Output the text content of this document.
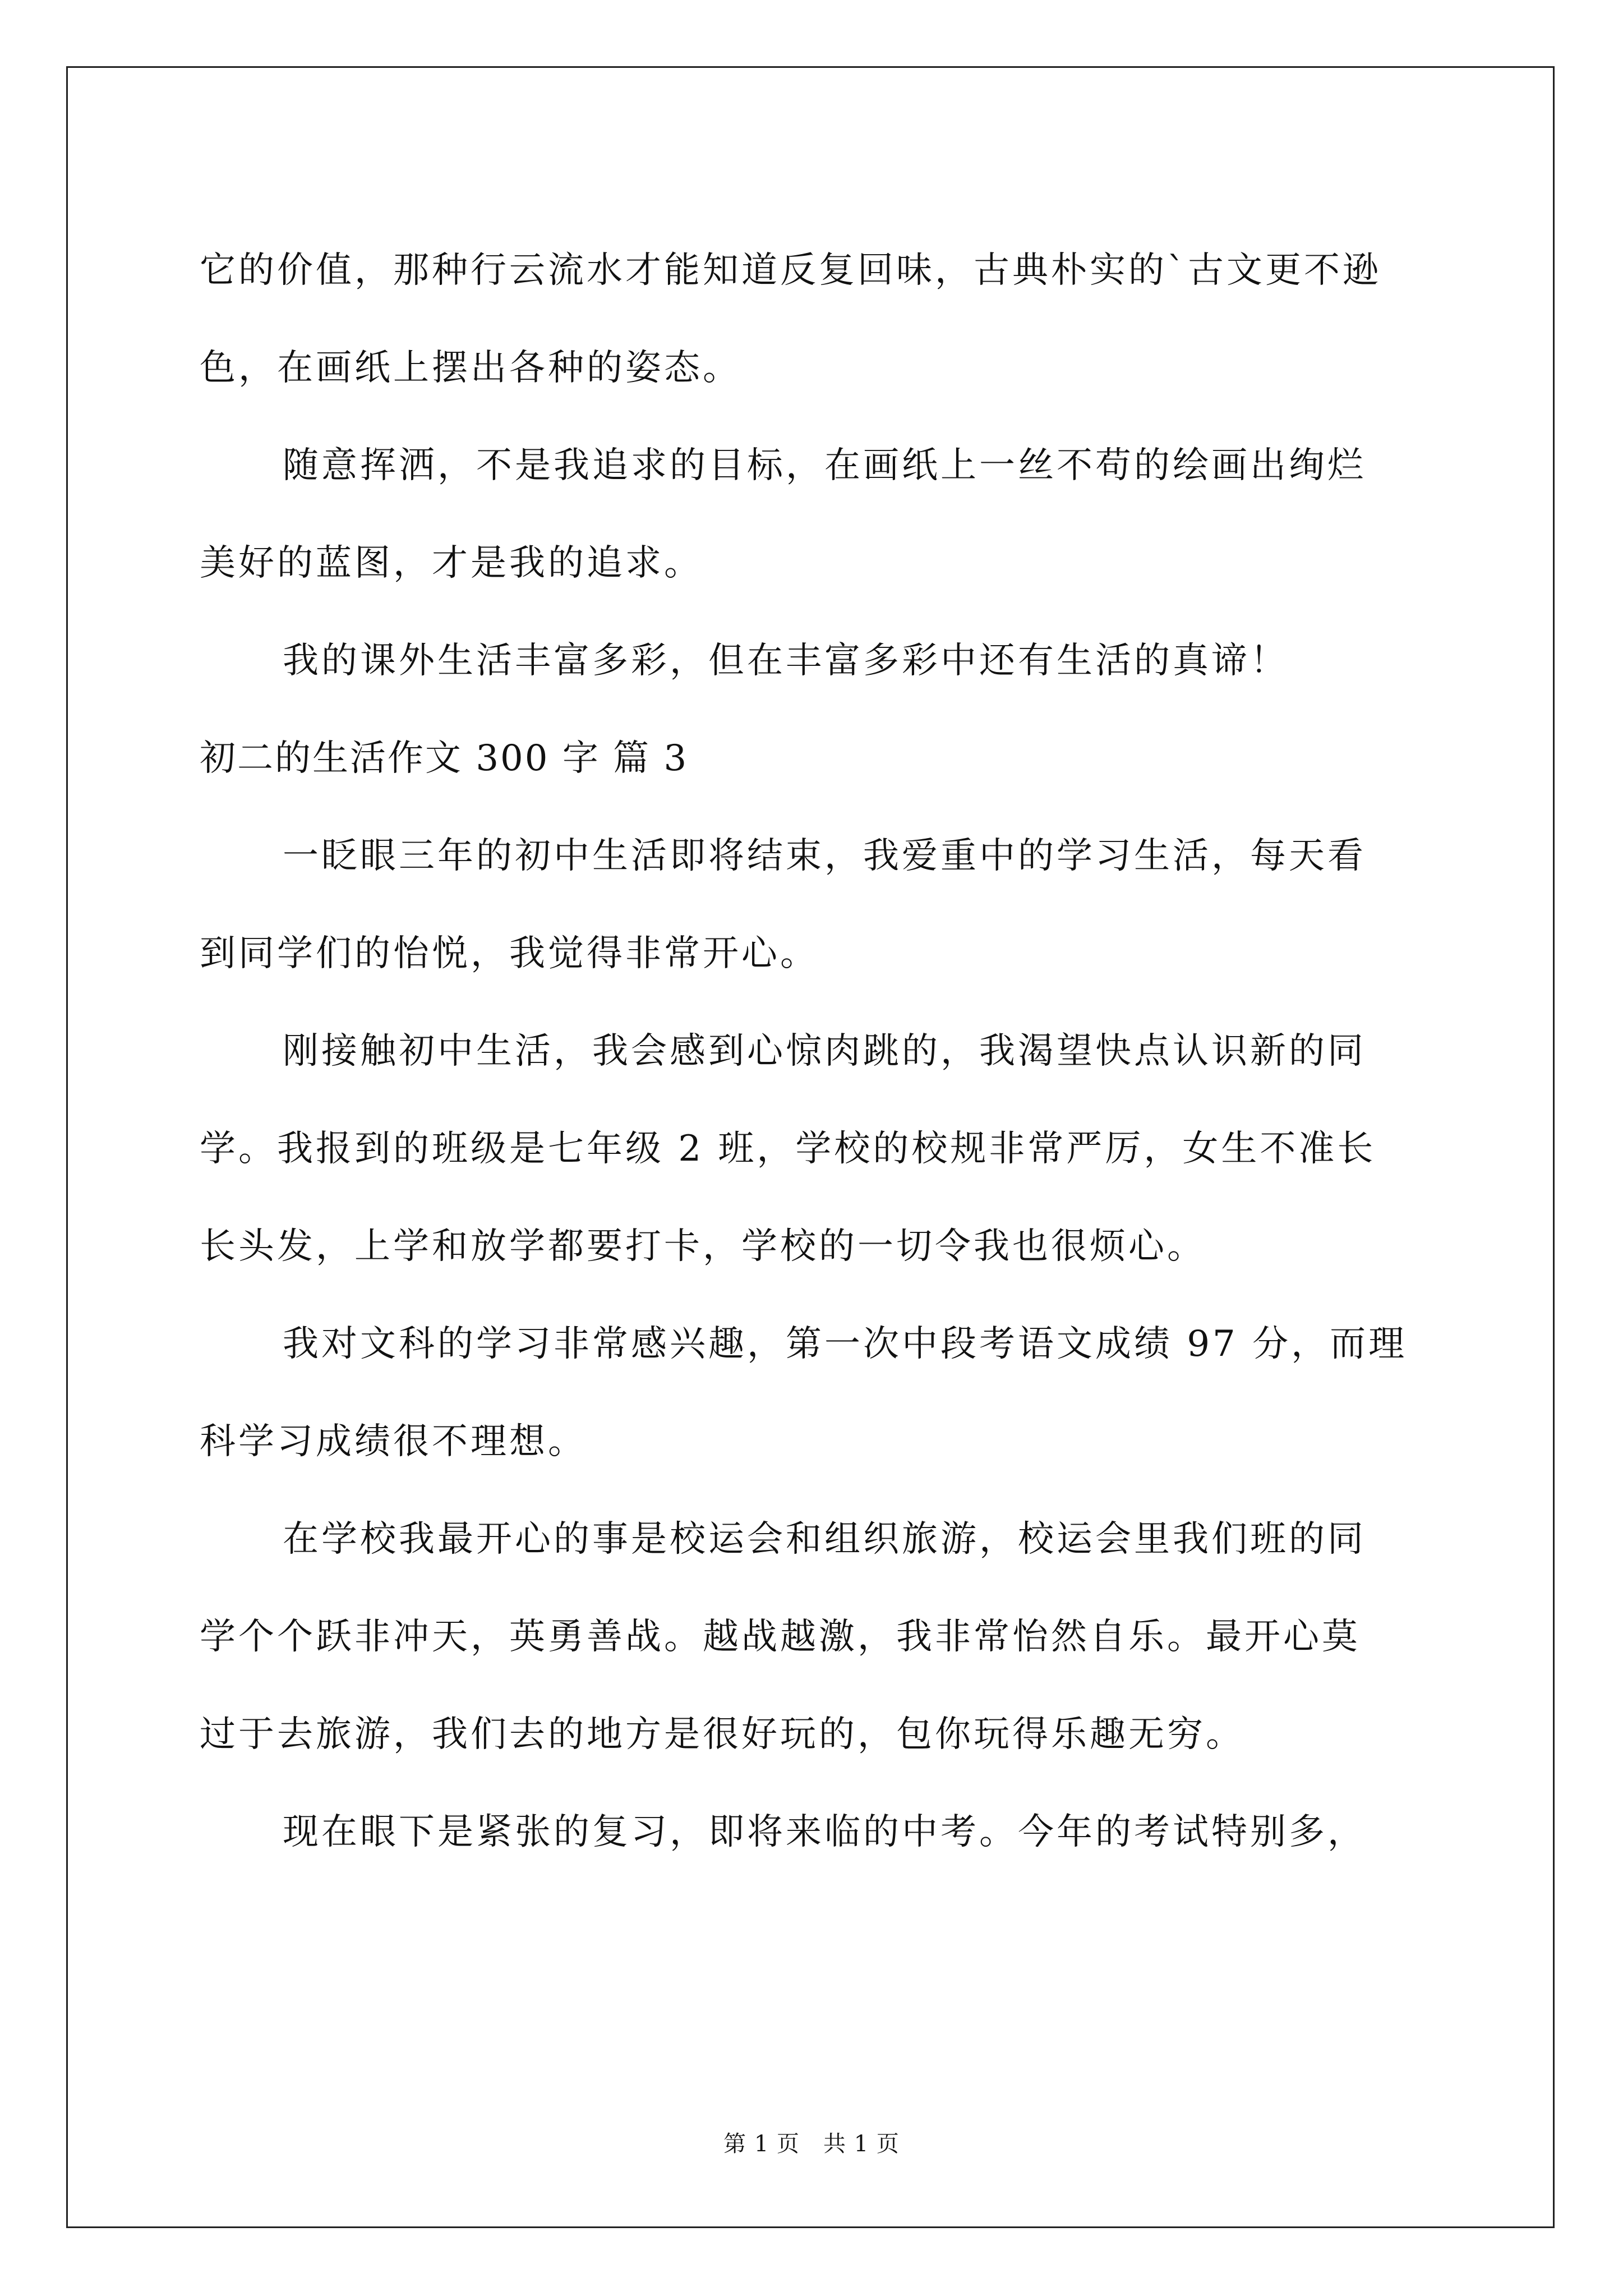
它的价值，那种行云流水才能知道反复回味，古典朴实的`古文更不逊

色，在画纸上摆出各种的姿态。

随意挥洒，不是我追求的目标，在画纸上一丝不苟的绘画出绚烂

美好的蓝图，才是我的追求。

我的课外生活丰富多彩，但在丰富多彩中还有生活的真谛！

初二的生活作文 300 字 篇 3

一眨眼三年的初中生活即将结束，我爱重中的学习生活，每天看

到同学们的怡悦，我觉得非常开心。

刚接触初中生活，我会感到心惊肉跳的，我渴望快点认识新的同

学。我报到的班级是七年级 2 班，学校的校规非常严厉，女生不准长

长头发，上学和放学都要打卡，学校的一切令我也很烦心。

我对文科的学习非常感兴趣，第一次中段考语文成绩 97 分，而理

科学习成绩很不理想。

在学校我最开心的事是校运会和组织旅游，校运会里我们班的同

学个个跃非冲天，英勇善战。越战越激，我非常怡然自乐。最开心莫

过于去旅游，我们去的地方是很好玩的，包你玩得乐趣无穷。

现在眼下是紧张的复习，即将来临的中考。今年的考试特别多，

第 1 页 共 1 页
